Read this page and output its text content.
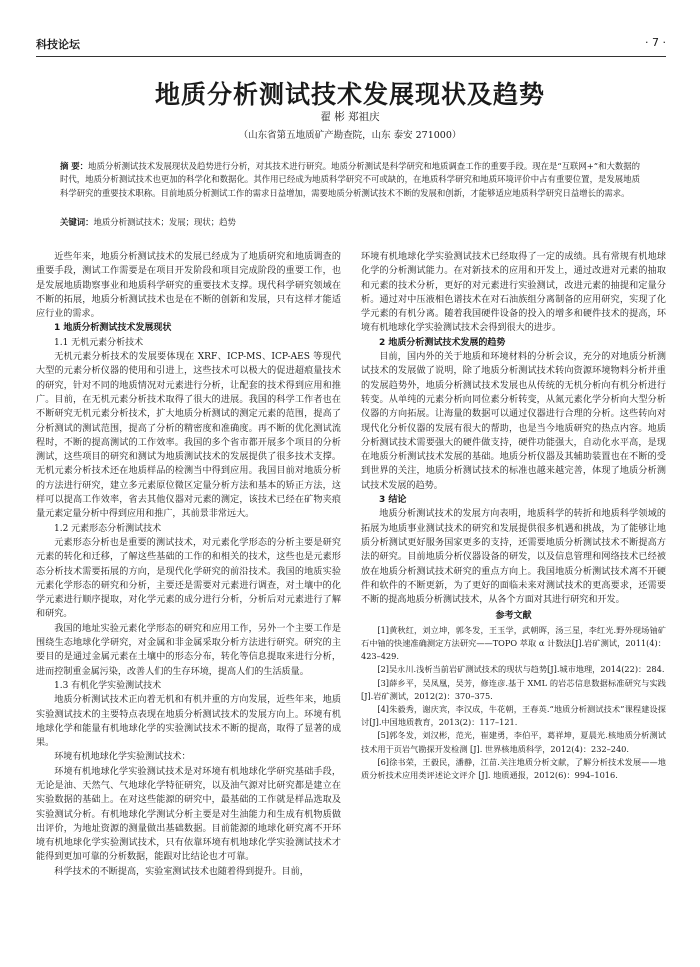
科技论坛	· 7 ·
地质分析测试技术发展现状及趋势
翟 彬 郑祖庆
（山东省第五地质矿产勘查院，山东 泰安 271000）
摘 要：地质分析测试技术发展现状及趋势进行分析，对其技术进行研究。地质分析测试是科学研究和地质调查工作的重要手段。现在是“互联网+”和大数据的时代，地质分析测试技术也更加的科学化和数据化。其作用已经成为地质科学研究不可或缺的，在地质科学研究和地质环境评价中占有重要位置，是发展地质科学研究的重要技术职称。目前地质分析测试工作的需求日益增加，需要地质分析测试技术不断的发展和创新，才能够适应地质科学研究日益增长的需求。
关键词：地质分析测试技术；发展；现状；趋势

近些年来，地质分析测试技术的发展已经成为了地质研究和地质调查的重要手段，测试工作需要是在项目开发阶段和项目完成阶段的重要工作，也是发展地质勘察事业和地质科学研究的重要技术支撑。现代科学研究领域在不断的拓展，地质分析测试技术也是在不断的创新和发展，只有这样才能适应行业的需求。

1 地质分析测试技术发展现状
1.1 无机元素分析技术

无机元素分析技术的发展要体现在 XRF、ICP-MS、ICP-AES 等现代大型的元素分析仪器的使用和引进上，这些技术可以极大的促进超痕量技术的研究，针对不同的地质情况对元素进行分析，让配套的技术得到应用和推广。目前，在无机元素分析技术取得了很大的进展。我国的科学工作者也在不断研究无机元素分析技术，扩大地质分析测试的测定元素的范围，提高了分析测试的测试范围，提高了分析的精密度和准确度。再不断的优化测试流程时，不断的提高测试的工作效率。我国的多个省市都开展多个项目的分析测试，这些项目的研究和测试为地质测试技术的发展提供了很多技术支撑。无机元素分析技术还在地质样品的检测当中得到应用。我国目前对地质分析的方法进行研究，建立多元素原位微区定量分析方法和基本的矫正方法，这样可以提高工作效率，省去其他仪器对元素的测定，该技术已经在矿物夹痕量元素定量分析中得到应用和推广，其前景非常远大。

1.2 元素形态分析测试技术

元素形态分析也是重要的测试技术，对元素化学形态的分析主要是研究元素的转化和迁移，了解这些基础的工作的和相关的技术，这些也是元素形态分析技术需要拓展的方向，是现代化学研究的前沿技术。我国的地质实验元素化学形态的研究和分析，主要还是需要对元素进行调查，对土壤中的化学元素进行顺序提取，对化学元素的成分进行分析，分析后对元素进行了解和研究。

我国的地址实验元素化学形态的研究和应用工作，另外一个主要工作是围绕生态地球化学研究，对金属和非金属采取分析方法进行研究。研究的主要目的是通过金属元素在土壤中的形态分布，转化等信息提取来进行分析，进而控制重金属污染，改善人们的生存环境，提高人们的生活质量。

1.3 有机化学实验测试技术

地质分析测试技术正向着无机和有机并重的方向发展，近些年来，地质实验测试技术的主要特点表现在地质分析测试技术的发展方向上。环境有机地球化学和能量有机地球化学的实验测试技术不断的提高，取得了显著的成果。

环境有机地球化学实验测试技术：

环境有机地球化学实验测试技术是对环境有机地球化学研究基础手段，无论是油、天然气、气地球化学特征研究，以及油气源对比研究都是建立在实验数据的基础上。在对这些能源的研究中，最基础的工作就是样品选取及实验测试分析。有机地球化学测试分析主要是对生油能力和生成有机物质做出评价，为地址资源的测量做出基础数据。目前能源的地球化研究离不开环境有机地球化学实验测试技术，只有依靠环境有机地球化学实验测试技术才能得到更加可靠的分析数据，能跟对比结论也才可靠。

科学技术的不断提高，实验室测试技术也随着得到提升。目前，

环境有机地球化学实验测试技术已经取得了一定的成绩。具有常规有机地球化学的分析测试能力。在对新技术的应用和开发上，通过改进对元素的抽取和元素的技术分析，更好的对元素进行实验测试，改进元素的抽提和定量分析。通过对中压液相色谱技术在对石油族组分离制备的应用研究，实现了化学元素的有机分离。随着我国硬件设备的投入的增多和硬件技术的提高，环境有机地球化学实验测试技术会得到很大的进步。

2 地质分析测试技术发展的趋势

目前，国内外的关于地质和环境材料的分析会议，充分的对地质分析测试技术的发展做了说明，除了地质分析测试技术转向资源环境物料分析并重的发展趋势外，地质分析测试技术发展也从传统的无机分析向有机分析进行转变。从单纯的元素分析向同位素分析转变，从氮元素化学分析向大型分析仪器的方向拓展。让海量的数据可以通过仪器进行合理的分析。这些转向对现代化分析仪器的发展有很大的帮助，也是当今地质研究的热点内容。地质分析测试技术需要强大的硬件做支持，硬件功能强大，自动化水平高，是现在地质分析测试技术发展的基础。地质分析仪器及其辅助装置也在不断的受到世界的关注，地质分析测试技术的标准也越来越完善，体现了地质分析测试技术发展的趋势。

3 结论

地质分析测试技术的发展方向表明，地质科学的转折和地质科学领域的拓展为地质事业测试技术的研究和发展提供很多机遇和挑战，为了能够让地质分析测试更好服务国家更多的支持，还需要地质分析测试技术不断提高方法的研究。目前地质分析仪器设备的研发，以及信息管理和网络技术已经被放在地质分析测试技术研究的重点方向上。我国地质分析测试技术离不开硬件和软件的不断更新，为了更好的面临未来对测试技术的更高要求，还需要不断的提高地质分析测试技术，从各个方面对其进行研究和开发。

参考文献

[1]黄秋红，刘立坤，郭冬发，王玉学，武朝晖，汤三星，李红光.野外现场铀矿石中铀的快速准确测定方法研究——TOPO 萃取 α 计数法[J].岩矿测试，2011(4)：423–429.

[2]吴永川.浅析当前岩矿测试技术的现状与趋势[J].城市地理，2014(22)：284.

[3]薛乡平，吴凤凰，吴芳，修连彦.基于 XML 的岩芯信息数据标准研究与实践[J].岩矿测试，2012(2)：370–375.

[4]朱毅秀，谢庆宾，李汉成，牛花朝，王春英.“地质分析测试技术”课程建设探讨[J].中国地质教育，2013(2)：117–121.

[5]郭冬发，刘汉彬，范光，崔建勇，李伯平，葛祥坤，夏晨光.核地质分析测试技术用于页岩气勘探开发检测 [J]. 世界核地质科学，2012(4)：232–240.

[6]徐书荣，王毅民，潘静，江苗.关注地质分析文献，了解分析技术发展——地质分析技术应用类评述论文评介 [J]. 地质通报，2012(6)：994–1016.
